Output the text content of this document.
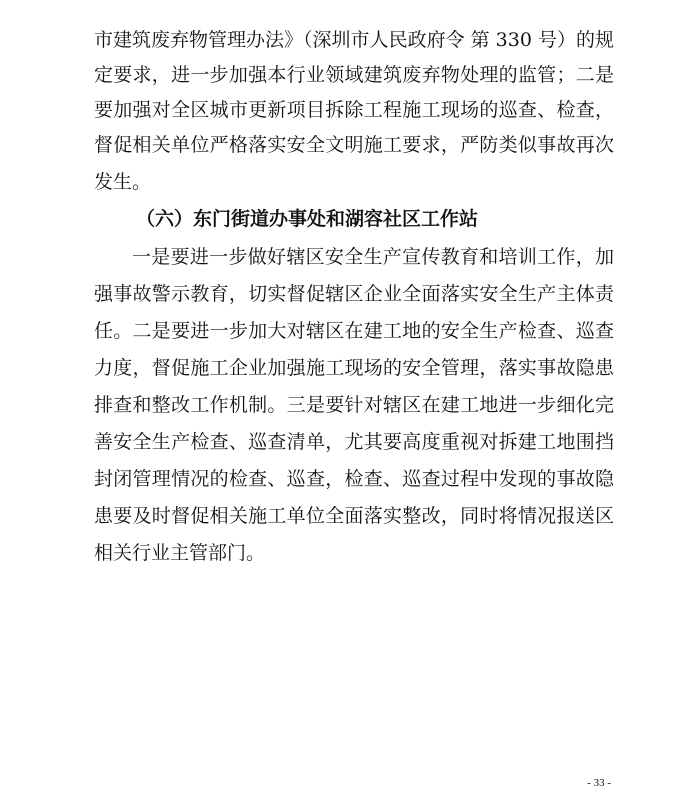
市建筑废弃物管理办法》（深圳市人民政府令 第 330 号）的规
定要求，进一步加强本行业领域建筑废弃物处理的监管；二是
要加强对全区城市更新项目拆除工程施工现场的巡查、检查，
督促相关单位严格落实安全文明施工要求，严防类似事故再次
发生。
（六）东门街道办事处和湖容社区工作站
一是要进一步做好辖区安全生产宣传教育和培训工作，加
强事故警示教育，切实督促辖区企业全面落实安全生产主体责
任。二是要进一步加大对辖区在建工地的安全生产检查、巡查
力度，督促施工企业加强施工现场的安全管理，落实事故隐患
排查和整改工作机制。三是要针对辖区在建工地进一步细化完
善安全生产检查、巡查清单，尤其要高度重视对拆建工地围挡
封闭管理情况的检查、巡查，检查、巡查过程中发现的事故隐
患要及时督促相关施工单位全面落实整改，同时将情况报送区
相关行业主管部门。
- 33 -
